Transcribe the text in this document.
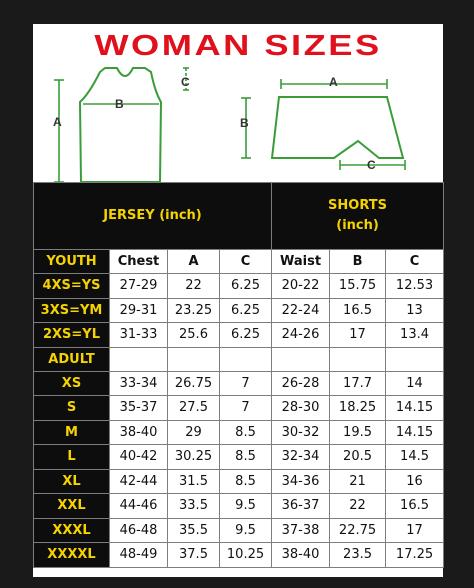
WOMAN SIZES
A
B
C	A
B
C
JERSEY (inch)				SHORTS
(inch)		

YOUTH	Chest	A	C	Waist	B	C
4XS=YS	27-29	22	6.25	20-22	15.75	12.53
3XS=YM	29-31	23.25	6.25	22-24	16.5	13
2XS=YL	31-33	25.6	6.25	24-26	17	13.4
ADULT						
XS	33-34	26.75	7	26-28	17.7	14
S	35-37	27.5	7	28-30	18.25	14.15
M	38-40	29	8.5	30-32	19.5	14.15
L	40-42	30.25	8.5	32-34	20.5	14.5
XL	42-44	31.5	8.5	34-36	21	16
XXL	44-46	33.5	9.5	36-37	22	16.5
XXXL	46-48	35.5	9.5	37-38	22.75	17
XXXXL	48-49	37.5	10.25	38-40	23.5	17.25
